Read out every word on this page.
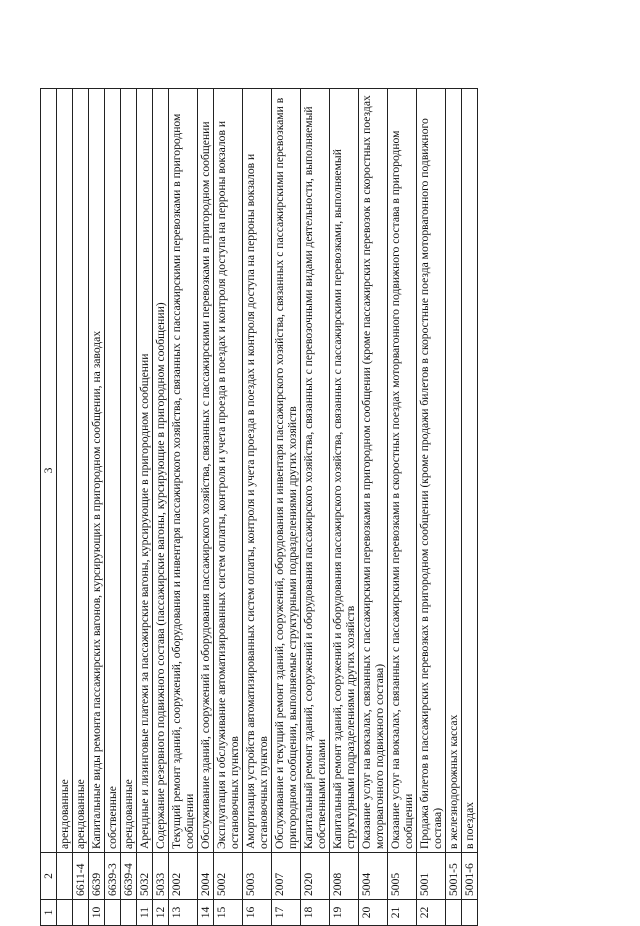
1	2	3
		арендованные
	6611-4	арендованные
10	6639	Капитальные виды ремонта пассажирских вагонов, курсирующих в пригородном сообщении, на заводах
	6639-3	собственные
	6639-4	арендованные
11	5032	Арендные и лизинговые платежи за пассажирские вагоны, курсирующие в пригородном сообщении
12	5033	Содержание резервного подвижного состава (пассажирские вагоны, курсирующие в пригородном сообщении)
13	2002	Текущий ремонт зданий, сооружений, оборудования и инвентаря пассажирского хозяйства, связанных с пассажирскими перевозками в пригородном сообщении
14	2004	Обслуживание зданий, сооружений и оборудования пассажирского хозяйства, связанных с пассажирскими перевозками в пригородном сообщении
15	5002	Эксплуатация и обслуживание автоматизированных систем оплаты, контроля и учета проезда в поездах и контроля доступа на перроны вокзалов и остановочных пунктов
16	5003	Амортизация устройств автоматизированных систем оплаты, контроля и учета проезда в поездах и контроля доступа на перроны вокзалов и остановочных пунктов
17	2007	Обслуживание и текущий ремонт зданий, сооружений, оборудования и инвентаря пассажирского хозяйства, связанных с пассажирскими перевозками в пригородном сообщении, выполняемые структурными подразделениями других хозяйств
18	2020	Капитальный ремонт зданий, сооружений и оборудования пассажирского хозяйства, связанных с перевозочными видами деятельности, выполняемый собственными силами
19	2008	Капитальный ремонт зданий, сооружений и оборудования пассажирского хозяйства, связанных с пассажирскими перевозками, выполняемый структурными подразделениями других хозяйств
20	5004	Оказание услуг на вокзалах, связанных с пассажирскими перевозками в пригородном сообщении (кроме пассажирских перевозок в скоростных поездах моторвагонного подвижного состава)
21	5005	Оказание услуг на вокзалах, связанных с пассажирскими перевозками в скоростных поездах моторвагонного подвижного состава в пригородном сообщении
22	5001	Продажа билетов в пассажирских перевозках в пригородном сообщении (кроме продажи билетов в скоростные поезда моторвагонного подвижного состава)
	5001-5	в железнодорожных кассах
	5001-6	в поездах
